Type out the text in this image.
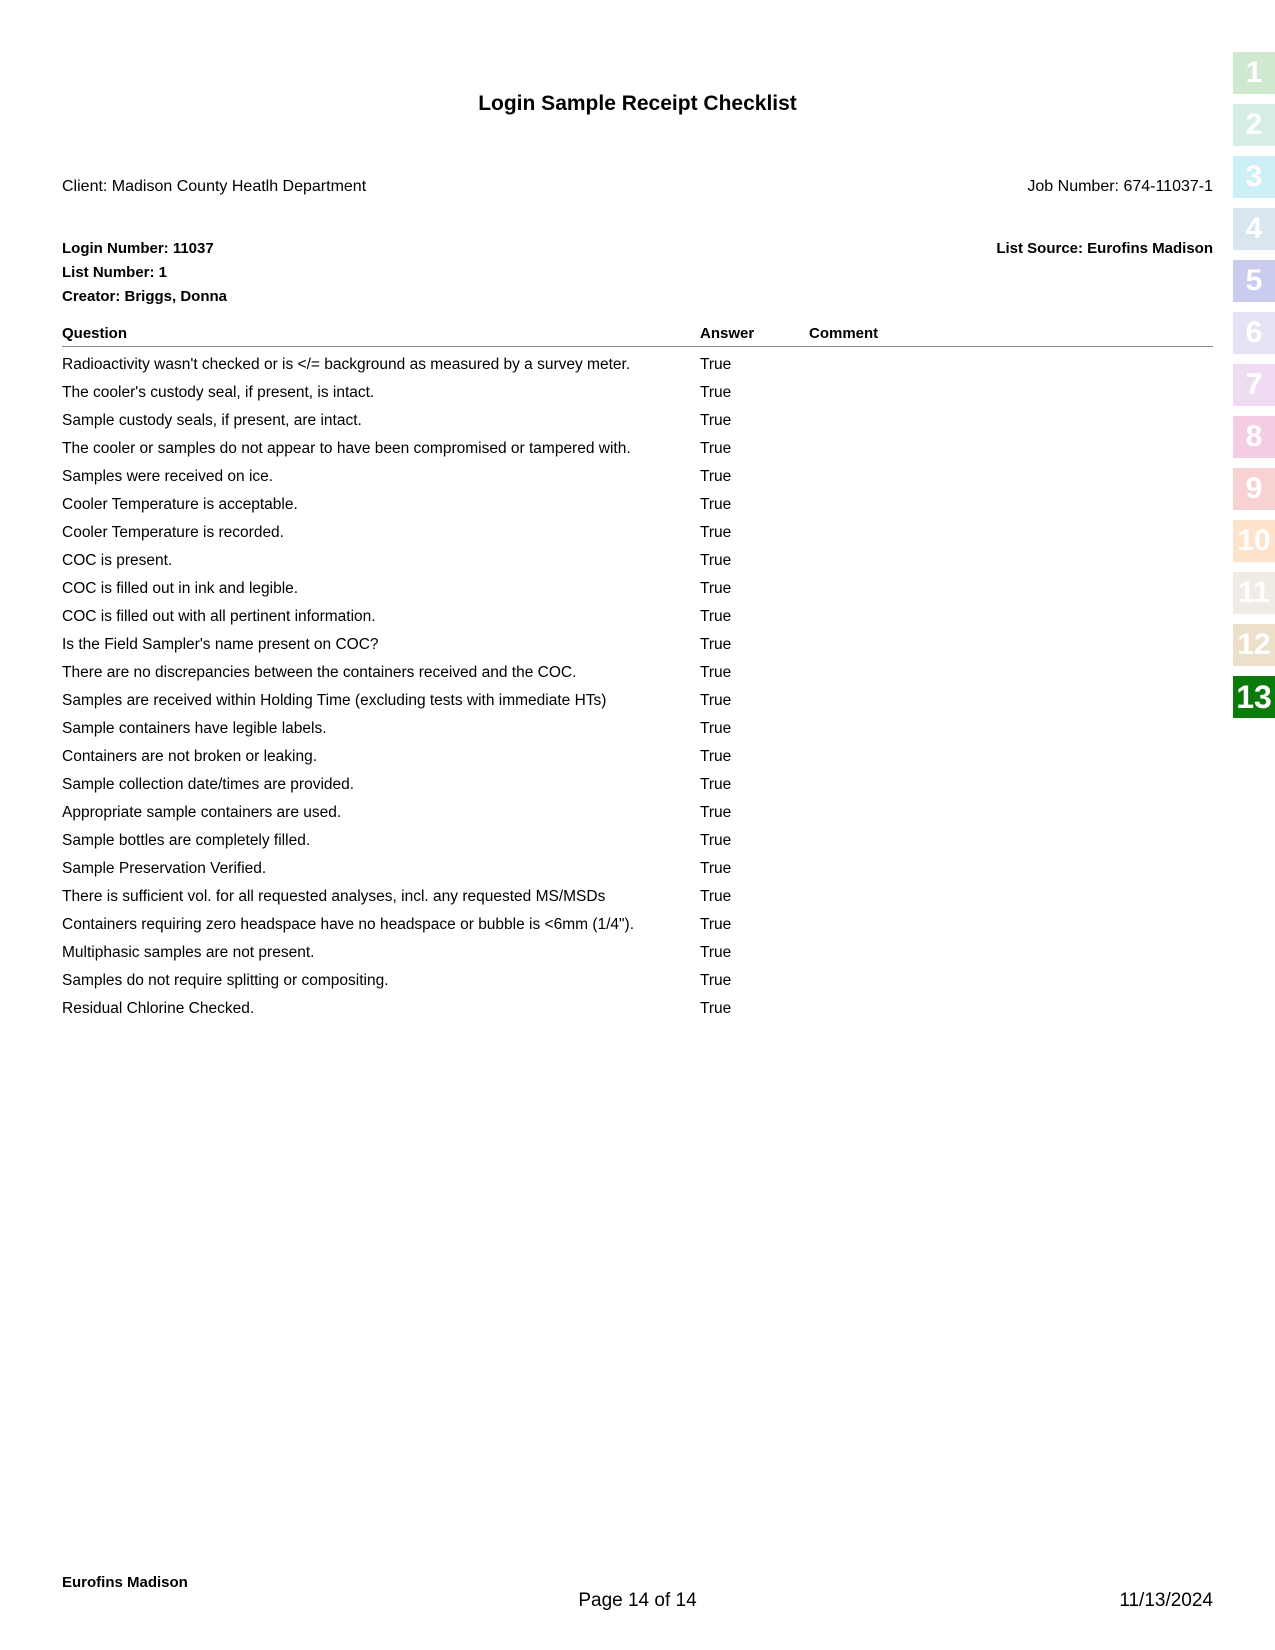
Login Sample Receipt Checklist
Client: Madison County Heatlh Department	Job Number: 674-11037-1
Login Number: 11037
List Number: 1
Creator: Briggs, Donna
List Source: Eurofins Madison
Question	Answer	Comment
Radioactivity wasn't checked or is </= background as measured by a survey meter.	True
The cooler's custody seal, if present, is intact.	True
Sample custody seals, if present, are intact.	True
The cooler or samples do not appear to have been compromised or tampered with.	True
Samples were received on ice.	True
Cooler Temperature is acceptable.	True
Cooler Temperature is recorded.	True
COC is present.	True
COC is filled out in ink and legible.	True
COC is filled out with all pertinent information.	True
Is the Field Sampler's name present on COC?	True
There are no discrepancies between the containers received and the COC.	True
Samples are received within Holding Time (excluding tests with immediate HTs)	True
Sample containers have legible labels.	True
Containers are not broken or leaking.	True
Sample collection date/times are provided.	True
Appropriate sample containers are used.	True
Sample bottles are completely filled.	True
Sample Preservation Verified.	True
There is sufficient vol. for all requested analyses, incl. any requested MS/MSDs	True
Containers requiring zero headspace have no headspace or bubble is <6mm (1/4").	True
Multiphasic samples are not present.	True
Samples do not require splitting or compositing.	True
Residual Chlorine Checked.	True
Eurofins Madison
Page 14 of 14	11/13/2024
1
2
3
4
5
6
7
8
9
10
11
12
13
